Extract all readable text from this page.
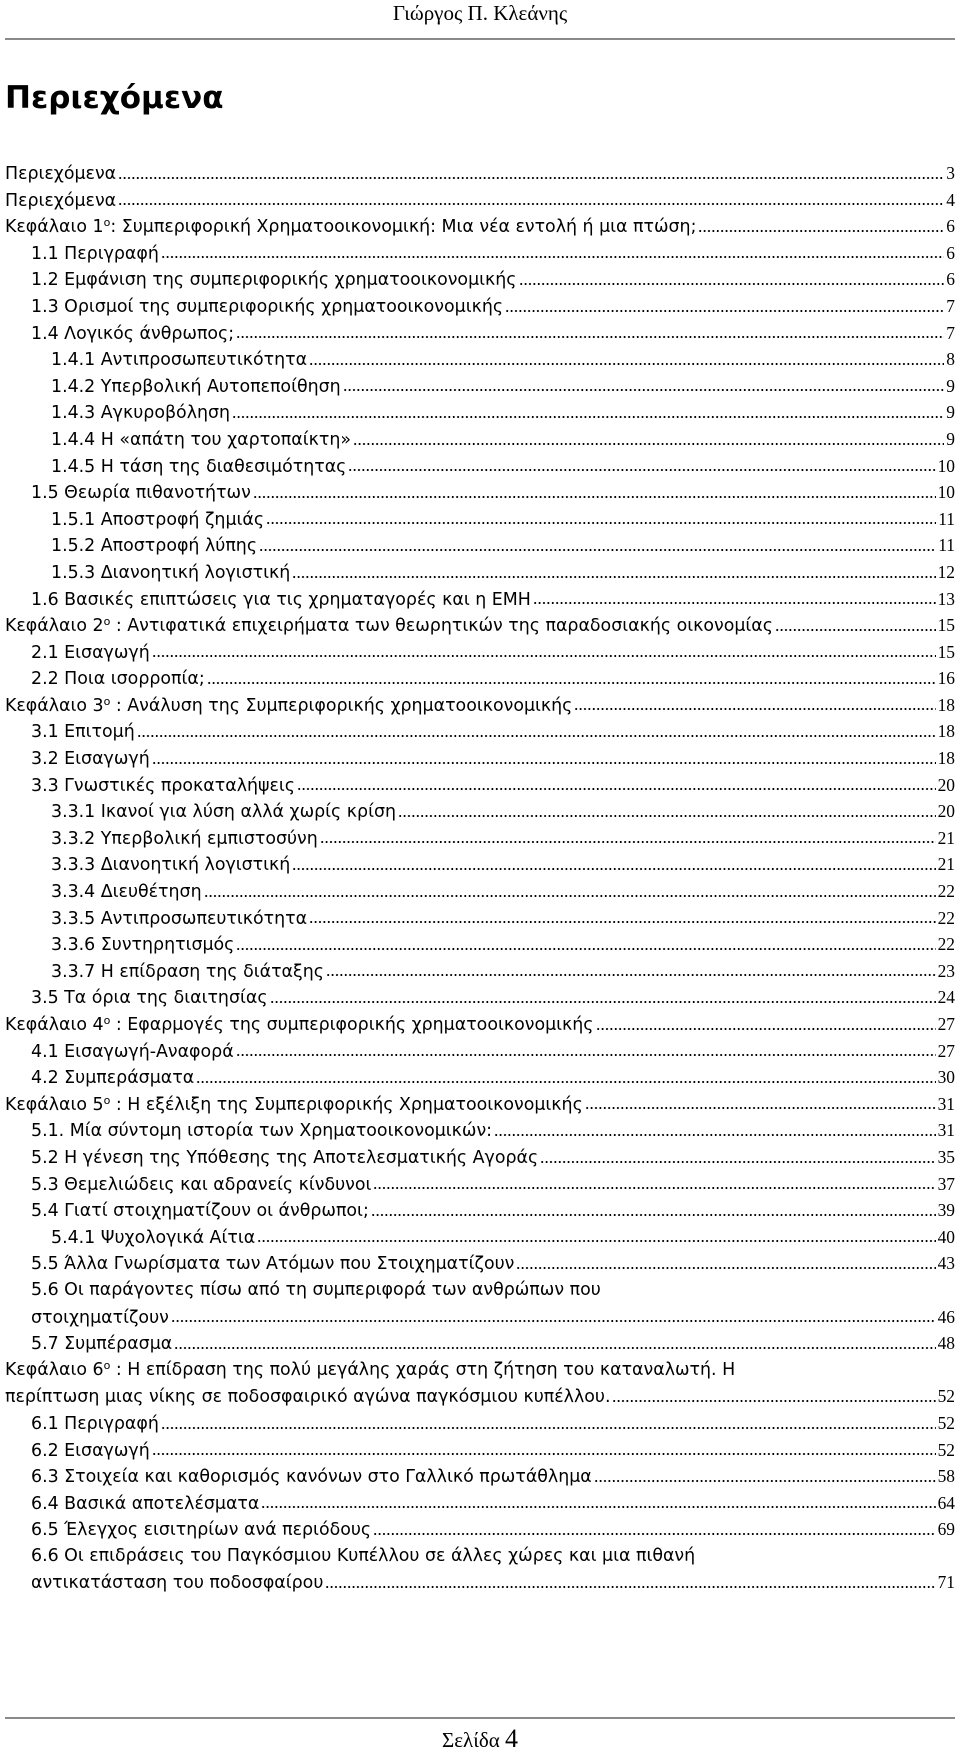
Γιώργος Π. Κλεάνης
Περιεχόμενα
Περιεχόμενα	3
Περιεχόμενα	4
Κεφάλαιο $1^o$: Συμπεριφορική Χρηματοοικονομική: Μια νέα εντολή ή μια πτώση;	6
1.1 Περιγραφή	6
1.2 Εμφάνιση της συμπεριφορικής χρηματοοικονομικής	6
1.3 Ορισμοί της συμπεριφορικής χρηματοοικονομικής	7
1.4 Λογικός άνθρωπος;	7
1.4.1 Αντιπροσωπευτικότητα	8
1.4.2 Υπερβολική Αυτοπεποίθηση	9
1.4.3 Αγκυροβόληση	9
1.4.4 Η «απάτη του χαρτοπαίκτη»	9
1.4.5 Η τάση της διαθεσιμότητας	10
1.5 Θεωρία πιθανοτήτων	10
1.5.1 Αποστροφή ζημιάς	11
1.5.2 Αποστροφή λύπης	11
1.5.3 Διανοητική λογιστική	12
1.6 Βασικές επιπτώσεις για τις χρηματαγορές και η ΕΜΗ	13
Κεφάλαιο $2^o$ : Αντιφατικά επιχειρήματα των θεωρητικών της παραδοσιακής οικονομίας	15
2.1 Εισαγωγή	15
2.2 Ποια ισορροπία;	16
Κεφάλαιο $3^o$ : Ανάλυση της Συμπεριφορικής χρηματοοικονομικής	18
3.1 Επιτομή	18
3.2 Εισαγωγή	18
3.3 Γνωστικές προκαταλήψεις	20
3.3.1 Ικανοί για λύση αλλά χωρίς κρίση	20
3.3.2 Υπερβολική εμπιστοσύνη	21
3.3.3 Διανοητική λογιστική	21
3.3.4 Διευθέτηση	22
3.3.5 Αντιπροσωπευτικότητα	22
3.3.6 Συντηρητισμός	22
3.3.7 Η επίδραση της διάταξης	23
3.5 Τα όρια της διαιτησίας	24
Κεφάλαιο $4^o$ : Εφαρμογές της συμπεριφορικής χρηματοοικονομικής	27
4.1 Εισαγωγή-Αναφορά	27
4.2 Συμπεράσματα	30
Κεφάλαιο $5^o$ : Η εξέλιξη της Συμπεριφορικής Χρηματοοικονομικής	31
5.1. Μία σύντομη ιστορία των Χρηματοοικονομικών:	31
5.2 Η γένεση της Υπόθεσης της Αποτελεσματικής Αγοράς	35
5.3 Θεμελιώδεις και αδρανείς κίνδυνοι	37
5.4 Γιατί στοιχηματίζουν οι άνθρωποι;	39
5.4.1 Ψυχολογικά Αίτια	40
5.5 Άλλα Γνωρίσματα των Ατόμων που Στοιχηματίζουν	43
5.6 Οι παράγοντες πίσω από τη συμπεριφορά των ανθρώπων που
στοιχηματίζουν	46
5.7 Συμπέρασμα	48
Κεφάλαιο $6^o$ : Η επίδραση της πολύ μεγάλης χαράς στη ζήτηση του καταναλωτή. Η
περίπτωση μιας νίκης σε ποδοσφαιρικό αγώνα παγκόσμιου κυπέλλου.	52
6.1 Περιγραφή	52
6.2 Εισαγωγή	52
6.3 Στοιχεία και καθορισμός κανόνων στο Γαλλικό πρωτάθλημα	58
6.4 Βασικά αποτελέσματα	64
6.5 Έλεγχος εισιτηρίων ανά περιόδους	69
6.6 Οι επιδράσεις του Παγκόσμιου Κυπέλλου σε άλλες χώρες και μια πιθανή
αντικατάσταση του ποδοσφαίρου	71
Σελίδα 4
